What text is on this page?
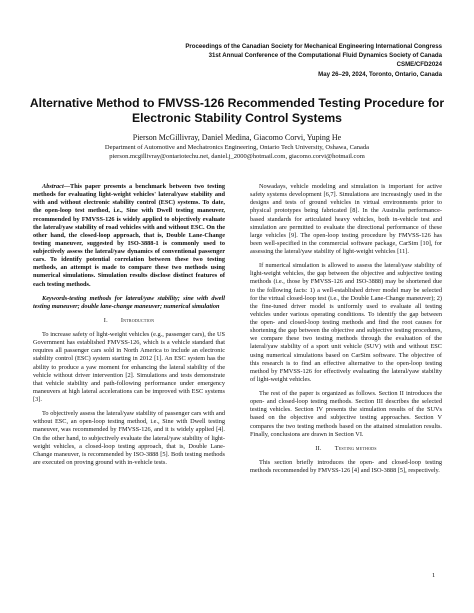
Proceedings of the Canadian Society for Mechanical Engineering International Congress
31st Annual Conference of the Computational Fluid Dynamics Society of Canada
CSME/CFD2024
May 26–29, 2024, Toronto, Ontario, Canada
Alternative Method to FMVSS-126 Recommended Testing Procedure for
Electronic Stability Control Systems
Pierson McGillivray, Daniel Medina, Giacomo Corvi, Yuping He
Department of Automotive and Mechatronics Engineering, Ontario Tech University, Oshawa, Canada
pierson.mcgillivray@ontariotechu.net, daniel.j_2000@hotmail.com, giacomo.corvi@hotmail.com

Abstract—This paper presents a benchmark between two testing methods for evaluating light-weight vehicles' lateral/yaw stability and with and without electronic stability control (ESC) systems. To date, the open-loop test method, i.e., Sine with Dwell testing maneuver, recommended by FMVSS-126 is widely applied to objectively evaluate the lateral/yaw stability of road vehicles with and without ESC. On the other hand, the closed-loop approach, that is, Double Lane-Change testing maneuver, suggested by ISO-3888-1 is commonly used to subjectively assess the lateral/yaw dynamics of conventional passenger cars. To identify potential correlation between these two testing methods, an attempt is made to compare these two methods using numerical simulations. Simulation results disclose distinct features of each testing methods.

Keywords-testing methods for lateral/yaw stability; sine with dwell testing maneuver; double lane-change maneuver; numerical simulation

I.  Introduction

To increase safety of light-weight vehicles (e.g., passenger cars), the US Government has established FMVSS-126, which is a vehicle standard that requires all passenger cars sold in North America to include an electronic stability control (ESC) system starting in 2012 [1]. An ESC system has the ability to produce a yaw moment for enhancing the lateral stability of the vehicle without driver intervention [2]. Simulations and tests demonstrate that vehicle stability and path-following performance under emergency maneuvers at high lateral accelerations can be improved with ESC systems [3].

To objectively assess the lateral/yaw stability of passenger cars with and without ESC, an open-loop testing method, i.e., Sine with Dwell testing maneuver, was recommended by FMVSS-126, and it is widely applied [4]. On the other hand, to subjectively evaluate the lateral/yaw stability of light-weight vehicles, a closed-loop testing approach, that is, Double Lane-Change maneuver, is recommended by ISO-3888 [5]. Both testing methods are executed on proving ground with in-vehicle tests.

Nowadays, vehicle modeling and simulation is important for active safety systems development [6,7]. Simulations are increasingly used in the designs and tests of ground vehicles in virtual environments prior to physical prototypes being fabricated [8]. In the Australia performance-based standards for articulated heavy vehicles, both in-vehicle test and simulation are permitted to evaluate the directional performance of these large vehicles [9]. The open-loop testing procedure by FMVSS-126 has been well-specified in the commercial software package, CarSim [10], for assessing the lateral/yaw stability of light-weight vehicles [11].

If numerical simulation is allowed to assess the lateral/yaw stability of light-weight vehicles, the gap between the objective and subjective testing methods (i.e., those by FMVSS-126 and ISO-3888) may be shortened due to the following facts: 1) a well-established driver model may be selected for the virtual closed-loop test (i.e., the Double Lane-Change maneuver); 2) the fine-tuned driver model is uniformly used to evaluate all testing vehicles under various operating conditions. To identify the gap between the open- and closed-loop testing methods and find the root causes for shortening the gap between the objective and subjective testing procedures, we compare these two testing methods through the evaluation of the lateral/yaw stability of a sport unit vehicle (SUV) with and without ESC using numerical simulations based on CarSim software. The objective of this research is to find an effective alternative to the open-loop testing method by FMVSS-126 for effectively evaluating the lateral/yaw stability of light-weight vehicles.

The rest of the paper is organized as follows. Section II introduces the open- and closed-loop testing methods. Section III describes the selected testing vehicles. Section IV presents the simulation results of the SUVs based on the objective and subjective testing approaches. Section V compares the two testing methods based on the attained simulation results. Finally, conclusions are drawn in Section VI.

II.  Testing methods

This section briefly introduces the open- and closed-loop testing methods recommended by FMVSS-126 [4] and ISO-3888 [5], respectively.

1
